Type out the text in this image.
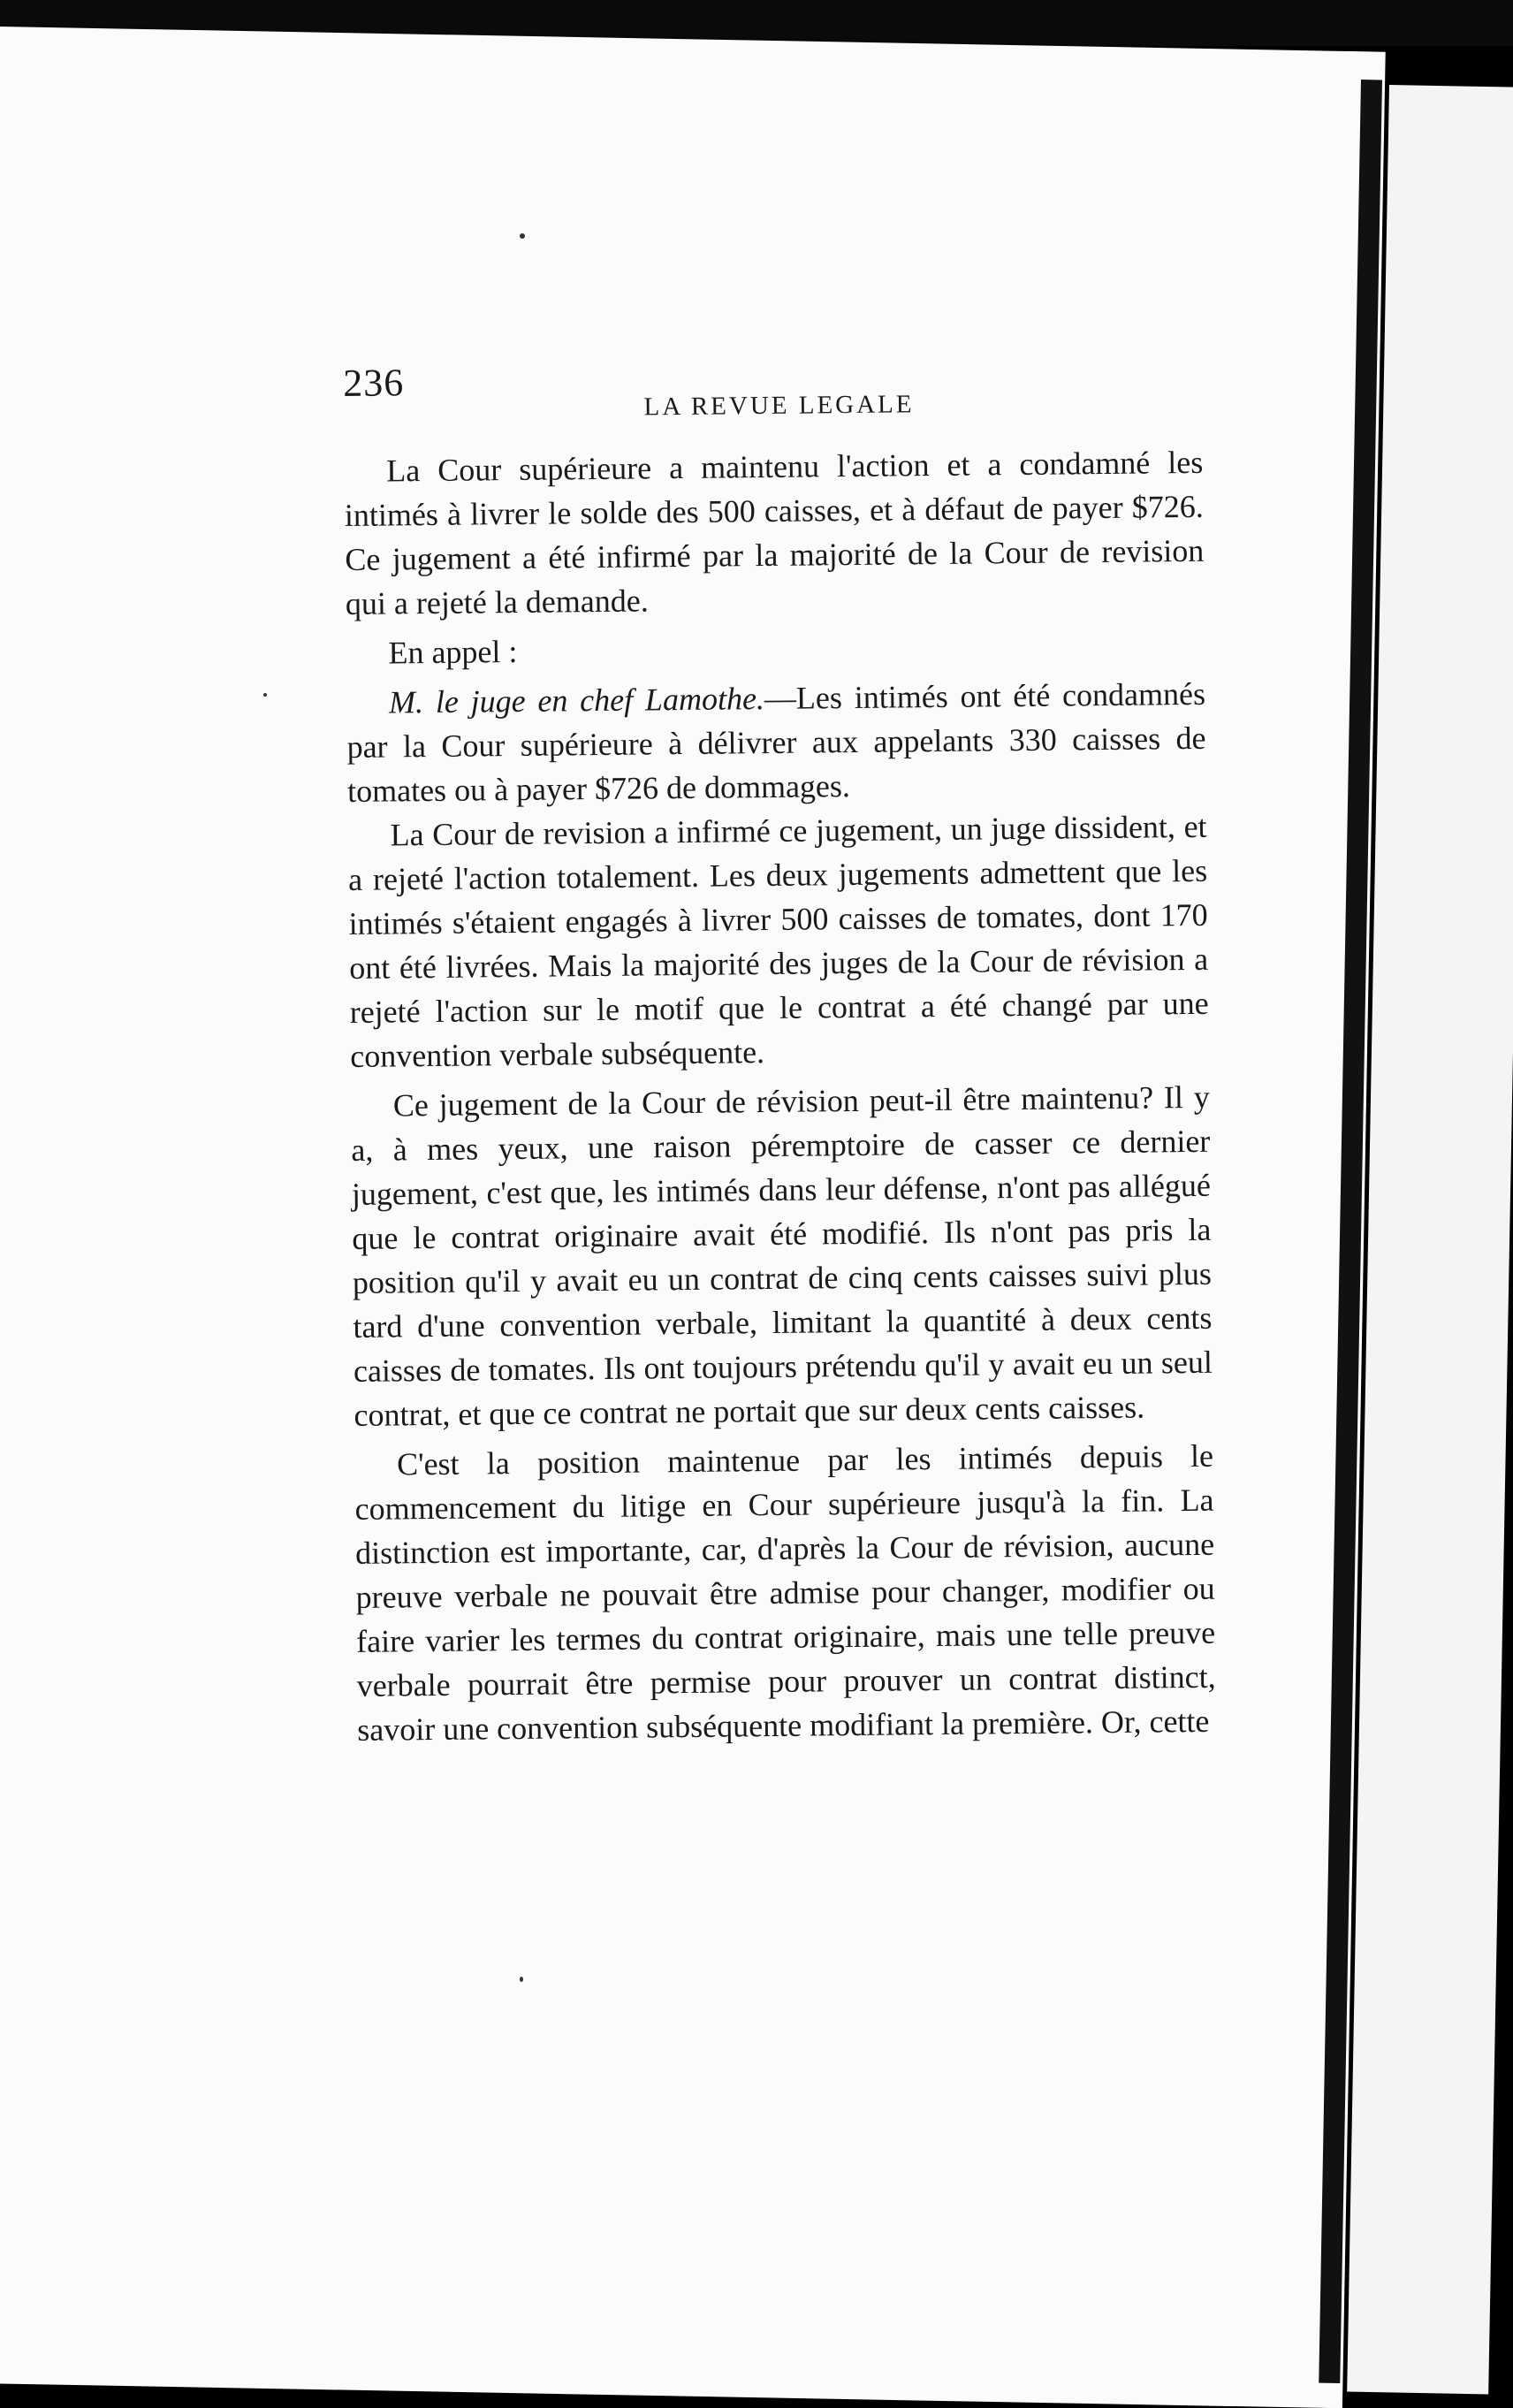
236
LA REVUE LEGALE

La Cour supérieure a maintenu l'action et a condamné les intimés à livrer le solde des 500 caisses, et à défaut de payer $726. Ce jugement a été infirmé par la majorité de la Cour de revision qui a rejeté la demande.

En appel :

M. le juge en chef Lamothe.—Les intimés ont été condamnés par la Cour supérieure à délivrer aux appelants 330 caisses de tomates ou à payer $726 de dommages.

La Cour de revision a infirmé ce jugement, un juge dissident, et a rejeté l'action totalement. Les deux jugements admettent que les intimés s'étaient engagés à livrer 500 caisses de tomates, dont 170 ont été livrées. Mais la majorité des juges de la Cour de révision a rejeté l'action sur le motif que le contrat a été changé par une convention verbale subséquente.

Ce jugement de la Cour de révision peut-il être maintenu? Il y a, à mes yeux, une raison péremptoire de casser ce dernier jugement, c'est que, les intimés dans leur défense, n'ont pas allégué que le contrat originaire avait été modifié. Ils n'ont pas pris la position qu'il y avait eu un contrat de cinq cents caisses suivi plus tard d'une convention verbale, limitant la quantité à deux cents caisses de tomates. Ils ont toujours prétendu qu'il y avait eu un seul contrat, et que ce contrat ne portait que sur deux cents caisses.

C'est la position maintenue par les intimés depuis le commencement du litige en Cour supérieure jusqu'à la fin. La distinction est importante, car, d'après la Cour de révision, aucune preuve verbale ne pouvait être admise pour changer, modifier ou faire varier les termes du contrat originaire, mais une telle preuve verbale pourrait être permise pour prouver un contrat distinct, savoir une convention subséquente modifiant la première. Or, cette
